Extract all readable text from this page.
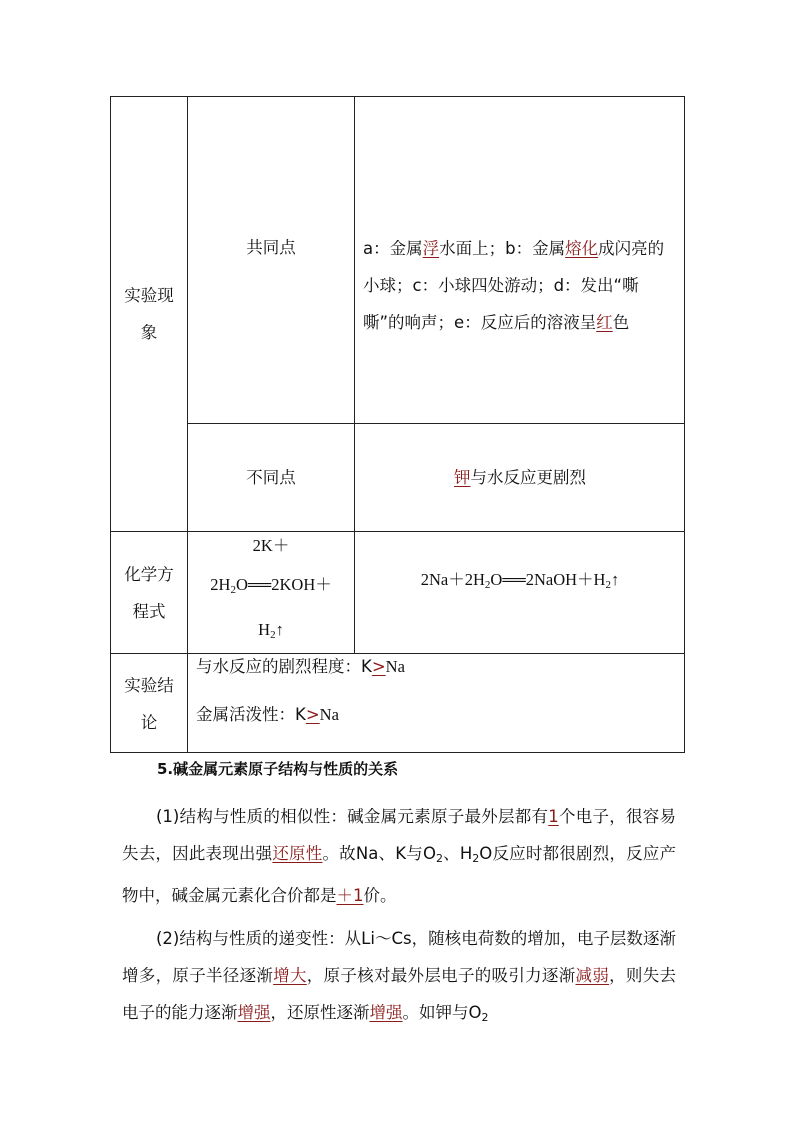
实验现象
共同点	a：金属浮水面上；b：金属熔化成闪亮的小球；c：小球四处游动；d：发出“嘶嘶”的响声；e：反应后的溶液呈红色
不同点	钾与水反应更剧烈
化学方程式
2K＋
$2H_2O══2KOH+$
$H_2↑$
$2Na+2H_2O══2NaOH+H_2↑$
实验结论
与水反应的剧烈程度：K>Na
金属活泼性：K>Na
5.碱金属元素原子结构与性质的关系
(1)结构与性质的相似性：碱金属元素原子最外层都有1个电子，很容易失去，因此表现出强还原性。故Na、K与$O_2$、$H_2O$反应时都很剧烈，反应产物中，碱金属元素化合价都是＋1价。
(2)结构与性质的递变性：从Li～Cs，随核电荷数的增加，电子层数逐渐增多，原子半径逐渐增大，原子核对最外层电子的吸引力逐渐减弱，则失去电子的能力逐渐增强，还原性逐渐增强。如钾与$O_2$
